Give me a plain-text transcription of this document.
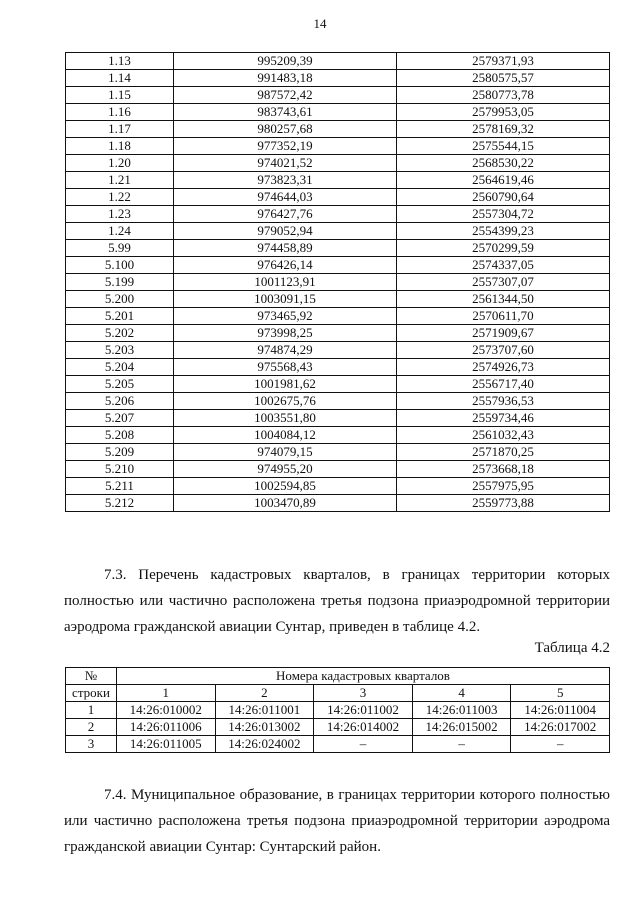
14
1.13	995209,39	2579371,93
1.14	991483,18	2580575,57
1.15	987572,42	2580773,78
1.16	983743,61	2579953,05
1.17	980257,68	2578169,32
1.18	977352,19	2575544,15
1.20	974021,52	2568530,22
1.21	973823,31	2564619,46
1.22	974644,03	2560790,64
1.23	976427,76	2557304,72
1.24	979052,94	2554399,23
5.99	974458,89	2570299,59
5.100	976426,14	2574337,05
5.199	1001123,91	2557307,07
5.200	1003091,15	2561344,50
5.201	973465,92	2570611,70
5.202	973998,25	2571909,67
5.203	974874,29	2573707,60
5.204	975568,43	2574926,73
5.205	1001981,62	2556717,40
5.206	1002675,76	2557936,53
5.207	1003551,80	2559734,46
5.208	1004084,12	2561032,43
5.209	974079,15	2571870,25
5.210	974955,20	2573668,18
5.211	1002594,85	2557975,95
5.212	1003470,89	2559773,88
7.3. Перечень кадастровых кварталов, в границах территории которых полностью или частично расположена третья подзона приаэродромной территории аэродрома гражданской авиации Сунтар, приведен в таблице 4.2.
Таблица 4.2
№	Номера кадастровых кварталов				
строки	1	2	3	4	5
1	14:26:010002	14:26:011001	14:26:011002	14:26:011003	14:26:011004
2	14:26:011006	14:26:013002	14:26:014002	14:26:015002	14:26:017002
3	14:26:011005	14:26:024002	–	–	–
7.4. Муниципальное образование, в границах территории которого полностью или частично расположена третья подзона приаэродромной территории аэродрома гражданской авиации Сунтар: Сунтарский район.
